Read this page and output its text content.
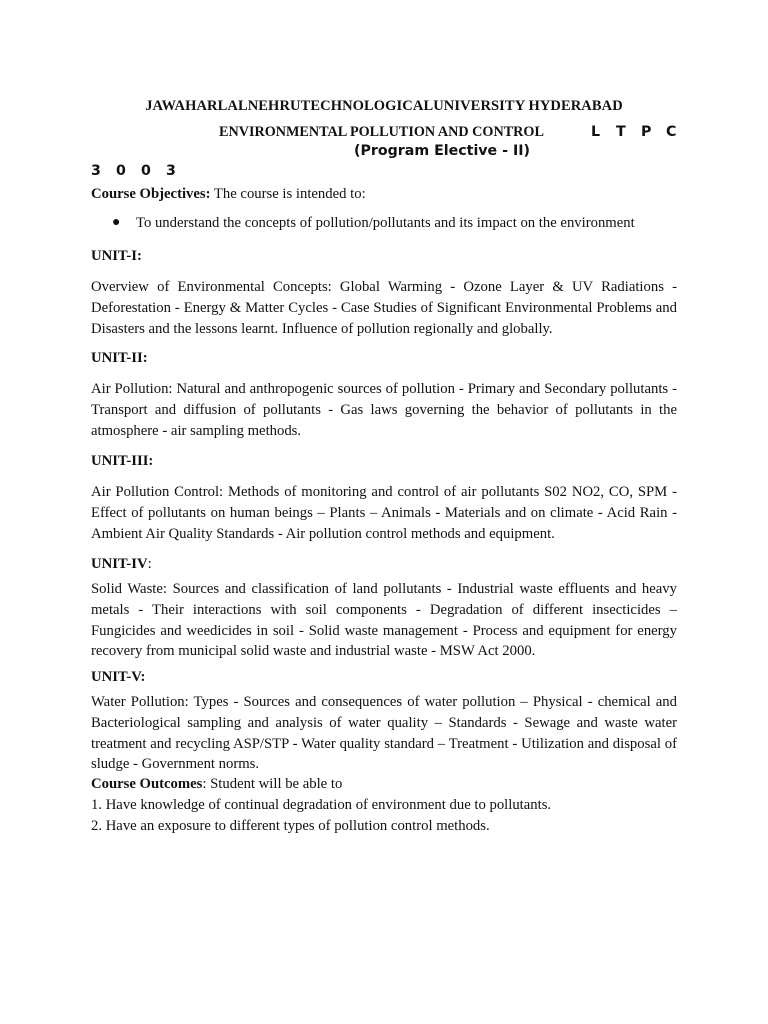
JAWAHARLALNEHRUTECHNOLOGICALUNIVERSITY HYDERABAD
ENVIRONMENTAL POLLUTION AND CONTROL	L T P C
(Program Elective - II)
3 0 0 3
Course Objectives: The course is intended to:
● To understand the concepts of pollution/pollutants and its impact on the environment
UNIT-I:
Overview of Environmental Concepts: Global Warming - Ozone Layer & UV Radiations - Deforestation - Energy & Matter Cycles - Case Studies of Significant Environmental Problems and Disasters and the lessons learnt. Influence of pollution regionally and globally.
UNIT-II:
Air Pollution: Natural and anthropogenic sources of pollution - Primary and Secondary pollutants - Transport and diffusion of pollutants - Gas laws governing the behavior of pollutants in the atmosphere - air sampling methods.
UNIT-III:
Air Pollution Control: Methods of monitoring and control of air pollutants S02 NO2, CO, SPM - Effect of pollutants on human beings – Plants – Animals - Materials and on climate - Acid Rain - Ambient Air Quality Standards - Air pollution control methods and equipment.
UNIT-IV:
Solid Waste: Sources and classification of land pollutants - Industrial waste effluents and heavy metals - Their interactions with soil components - Degradation of different insecticides – Fungicides and weedicides in soil - Solid waste management - Process and equipment for energy recovery from municipal solid waste and industrial waste - MSW Act 2000.
UNIT-V:
Water Pollution: Types - Sources and consequences of water pollution – Physical - chemical and Bacteriological sampling and analysis of water quality – Standards - Sewage and waste water treatment and recycling ASP/STP - Water quality standard – Treatment - Utilization and disposal of sludge - Government norms.
Course Outcomes: Student will be able to
1. Have knowledge of continual degradation of environment due to pollutants.
2. Have an exposure to different types of pollution control methods.
